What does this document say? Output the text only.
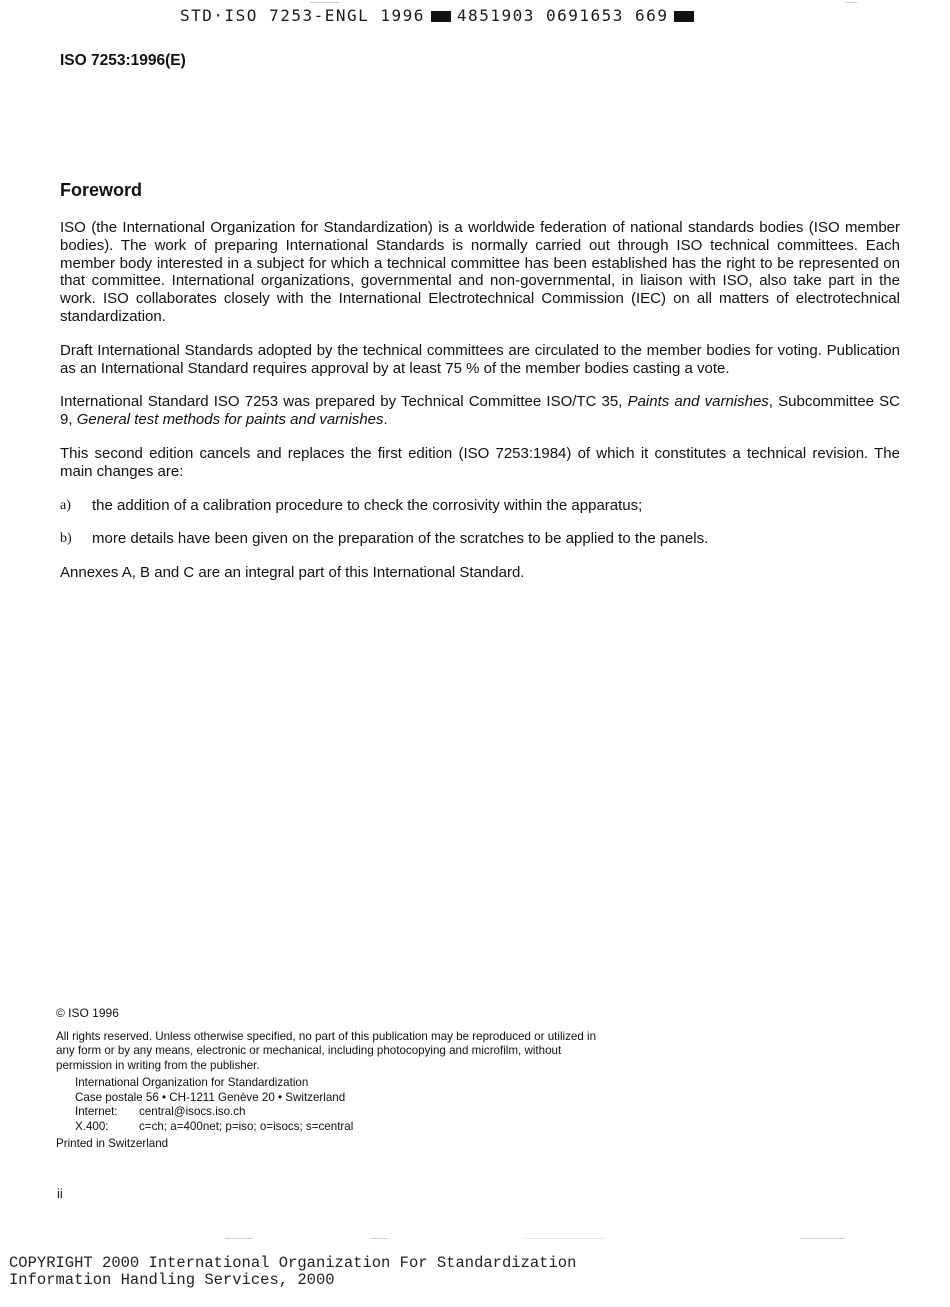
STD·ISO 7253-ENGL 1996 4851903 0691653 669
ISO 7253:1996(E)
Foreword

ISO (the International Organization for Standardization) is a worldwide federation of national standards bodies (ISO member bodies). The work of preparing International Standards is normally carried out through ISO technical committees. Each member body interested in a subject for which a technical committee has been established has the right to be represented on that committee. International organizations, governmental and non-governmental, in liaison with ISO, also take part in the work. ISO collaborates closely with the International Electrotechnical Commission (IEC) on all matters of electrotechnical standardization.

Draft International Standards adopted by the technical committees are circulated to the member bodies for voting. Publication as an International Standard requires approval by at least 75 % of the member bodies casting a vote.

International Standard ISO 7253 was prepared by Technical Committee ISO/TC 35, Paints and varnishes, Subcommittee SC 9, General test methods for paints and varnishes.

This second edition cancels and replaces the first edition (ISO 7253:1984) of which it constitutes a technical revision. The main changes are:

a)	the addition of a calibration procedure to check the corrosivity within the apparatus;
b)	more details have been given on the preparation of the scratches to be applied to the panels.

Annexes A, B and C are an integral part of this International Standard.

© ISO 1996
All rights reserved. Unless otherwise specified, no part of this publication may be reproduced or utilized in any form or by any means, electronic or mechanical, including photocopying and microfilm, without permission in writing from the publisher.
International Organization for Standardization
Case postale 56 • CH-1211 Genève 20 • Switzerland
Internet:	central@isocs.iso.ch
X.400:	c=ch; a=400net; p=iso; o=isocs; s=central
Printed in Switzerland
ii
COPYRIGHT 2000 International Organization For Standardization
Information Handling Services, 2000
